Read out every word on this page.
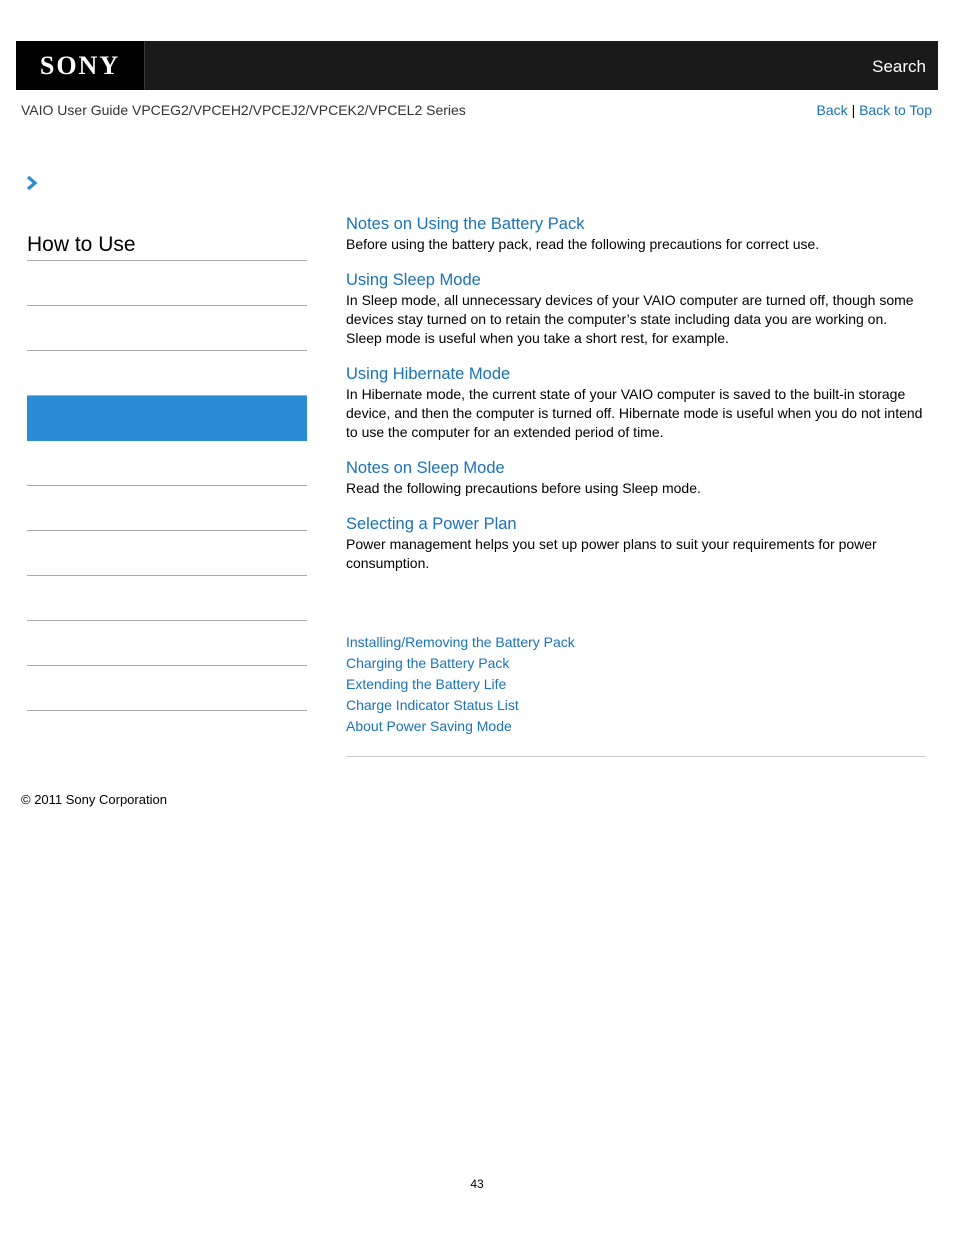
SONY	Search
VAIO User Guide VPCEG2/VPCEH2/VPCEJ2/VPCEK2/VPCEL2 Series	Back | Back to Top
How to Use
Notes on Using the Battery Pack
Before using the battery pack, read the following precautions for correct use.
Using Sleep Mode
In Sleep mode, all unnecessary devices of your VAIO computer are turned off, though some devices stay turned on to retain the computer’s state including data you are working on. Sleep mode is useful when you take a short rest, for example.
Using Hibernate Mode
In Hibernate mode, the current state of your VAIO computer is saved to the built-in storage device, and then the computer is turned off. Hibernate mode is useful when you do not intend to use the computer for an extended period of time.
Notes on Sleep Mode
Read the following precautions before using Sleep mode.
Selecting a Power Plan
Power management helps you set up power plans to suit your requirements for power consumption.
Installing/Removing the Battery Pack
Charging the Battery Pack
Extending the Battery Life
Charge Indicator Status List
About Power Saving Mode
© 2011 Sony Corporation
43
